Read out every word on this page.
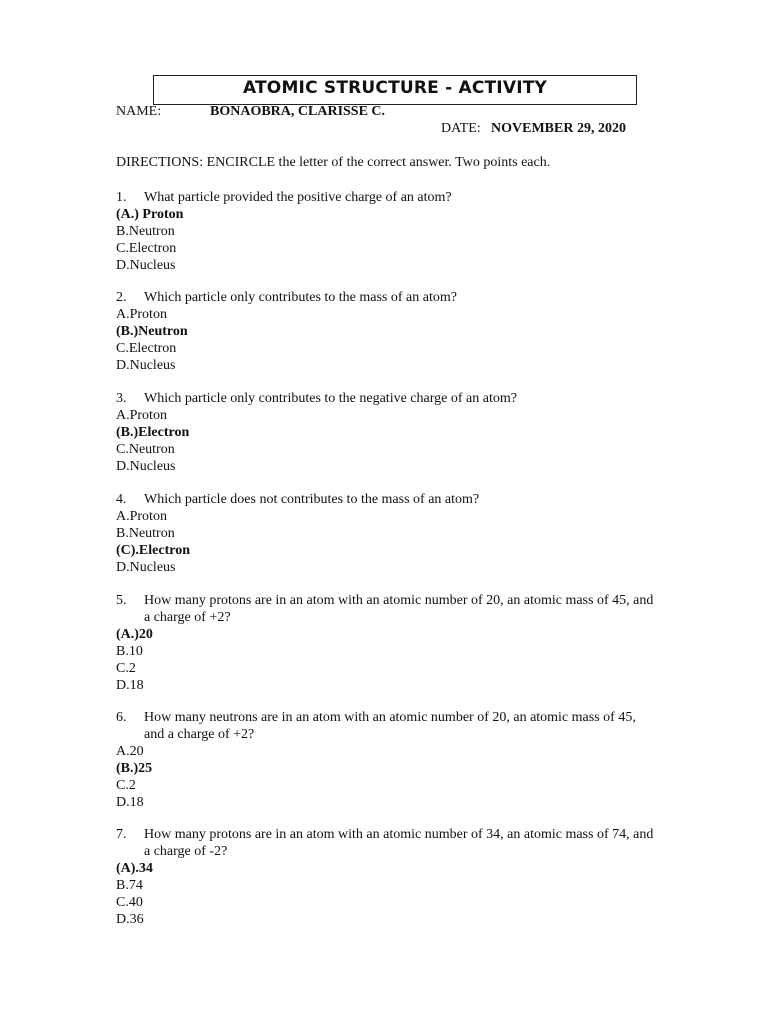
ATOMIC STRUCTURE - ACTIVITY
NAME:	BONAOBRA, CLARISSE C.
DATE: NOVEMBER 29, 2020
DIRECTIONS: ENCIRCLE the letter of the correct answer. Two points each.
1.	What particle provided the positive charge of an atom?
(A.) Proton
B.Neutron
C.Electron
D.Nucleus
2.	Which particle only contributes to the mass of an atom?
A.Proton
(B.)Neutron
C.Electron
D.Nucleus
3.	Which particle only contributes to the negative charge of an atom?
A.Proton
(B.)Electron
C.Neutron
D.Nucleus
4.	Which particle does not contributes to the mass of an atom?
A.Proton
B.Neutron
(C).Electron
D.Nucleus
5.	How many protons are in an atom with an atomic number of 20, an atomic mass of 45, and a charge of +2?
(A.)20
B.10
C.2
D.18
6.	How many neutrons are in an atom with an atomic number of 20, an atomic mass of 45, and a charge of +2?
A.20
(B.)25
C.2
D.18
7.	How many protons are in an atom with an atomic number of 34, an atomic mass of 74, and a charge of -2?
(A).34
B.74
C.40
D.36
